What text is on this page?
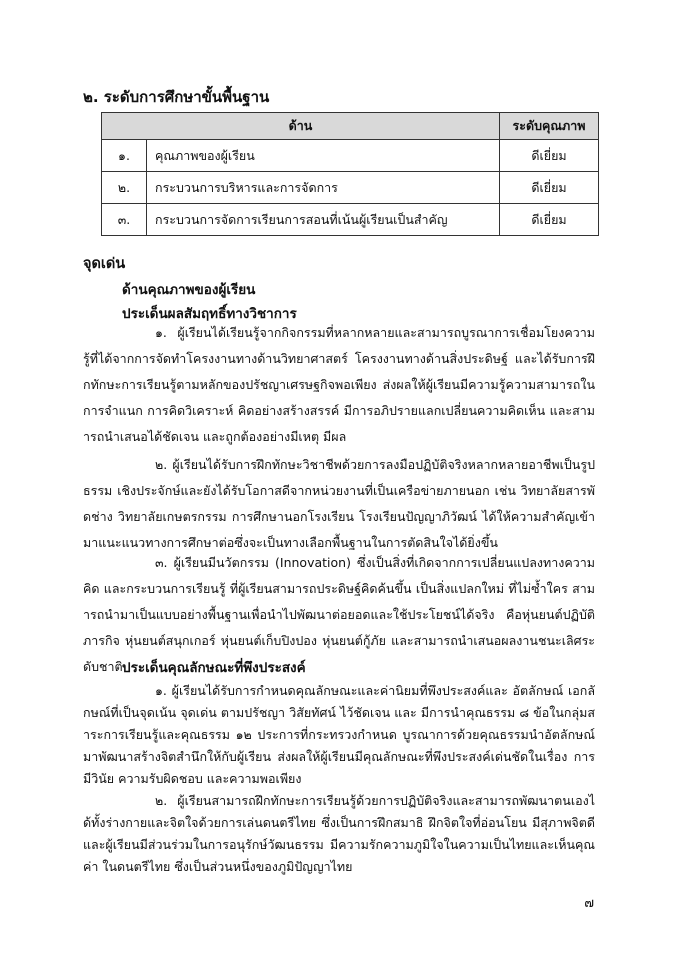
๒. ระดับการศึกษาขั้นพื้นฐาน
ด้าน		ระดับคุณภาพ
๑.	คุณภาพของผู้เรียน	ดีเยี่ยม
๒.	กระบวนการบริหารและการจัดการ	ดีเยี่ยม
๓.	กระบวนการจัดการเรียนการสอนที่เน้นผู้เรียนเป็นสำคัญ	ดีเยี่ยม
จุดเด่น
ด้านคุณภาพของผู้เรียน
ประเด็นผลสัมฤทธิ์ทางวิชาการ

๑. ผู้เรียนได้เรียนรู้จากกิจกรรมที่หลากหลายและสามารถบูรณาการเชื่อมโยงความรู้ที่ได้จากการจัดทำโครงงานทางด้านวิทยาศาสตร์ โครงงานทางด้านสิ่งประดิษฐ์ และได้รับการฝึกทักษะการเรียนรู้ตามหลักของปรัชญาเศรษฐกิจพอเพียง ส่งผลให้ผู้เรียนมีความรู้ความสามารถในการจำแนก การคิดวิเคราะห์ คิดอย่างสร้างสรรค์ มีการอภิปรายแลกเปลี่ยนความคิดเห็น และสามารถนำเสนอได้ชัดเจน และถูกต้องอย่างมีเหตุ มีผล

๒. ผู้เรียนได้รับการฝึกทักษะวิชาชีพด้วยการลงมือปฏิบัติจริงหลากหลายอาชีพเป็นรูปธรรม เชิงประจักษ์และยังได้รับโอกาสดีจากหน่วยงานที่เป็นเครือข่ายภายนอก เช่น วิทยาลัยสารพัดช่าง วิทยาลัยเกษตรกรรม การศึกษานอกโรงเรียน โรงเรียนปัญญาภิวัฒน์ ได้ให้ความสำคัญเข้ามาแนะแนวทางการศึกษาต่อซึ่งจะเป็นทางเลือกพื้นฐานในการตัดสินใจได้ยิ่งขึ้น

๓. ผู้เรียนมีนวัตกรรม (Innovation) ซึ่งเป็นสิ่งที่เกิดจากการเปลี่ยนแปลงทางความคิด และกระบวนการเรียนรู้ ที่ผู้เรียนสามารถประดิษฐ์คิดค้นขึ้น เป็นสิ่งแปลกใหม่ ที่ไม่ซ้ำใคร สามารถนำมาเป็นแบบอย่างพื้นฐานเพื่อนำไปพัฒนาต่อยอดและใช้ประโยชน์ได้จริง คือหุ่นยนต์ปฏิบัติภารกิจ หุ่นยนต์สนุกเกอร์ หุ่นยนต์เก็บปิงปอง หุ่นยนต์กู้ภัย และสามารถนำเสนอผลงานชนะเลิศระดับชาติ ประเด็นคุณลักษณะที่พึงประสงค์

๑. ผู้เรียนได้รับการกำหนดคุณลักษณะและค่านิยมที่พึงประสงค์และ อัตลักษณ์ เอกลักษณ์ที่เป็นจุดเน้น จุดเด่น ตามปรัชญา วิสัยทัศน์ ไว้ชัดเจน และ มีการนำคุณธรรม ๘ ข้อในกลุ่มสาระการเรียนรู้และคุณธรรม ๑๒ ประการที่กระทรวงกำหนด บูรณาการด้วยคุณธรรมนำอัตลักษณ์มาพัฒนาสร้างจิตสำนึกให้กับผู้เรียน ส่งผลให้ผู้เรียนมีคุณลักษณะที่พึงประสงค์เด่นชัดในเรื่อง การมีวินัย ความรับผิดชอบ และความพอเพียง

๒. ผู้เรียนสามารถฝึกทักษะการเรียนรู้ด้วยการปฏิบัติจริงและสามารถพัฒนาตนเองได้ทั้งร่างกายและจิตใจด้วยการเล่นดนตรีไทย ซึ่งเป็นการฝึกสมาธิ ฝึกจิตใจที่อ่อนโยน มีสุภาพจิตดี และผู้เรียนมีส่วนร่วมในการอนุรักษ์วัฒนธรรม มีความรักความภูมิใจในความเป็นไทยและเห็นคุณค่า ในดนตรีไทย ซึ่งเป็นส่วนหนึ่งของภูมิปัญญาไทย

๗
